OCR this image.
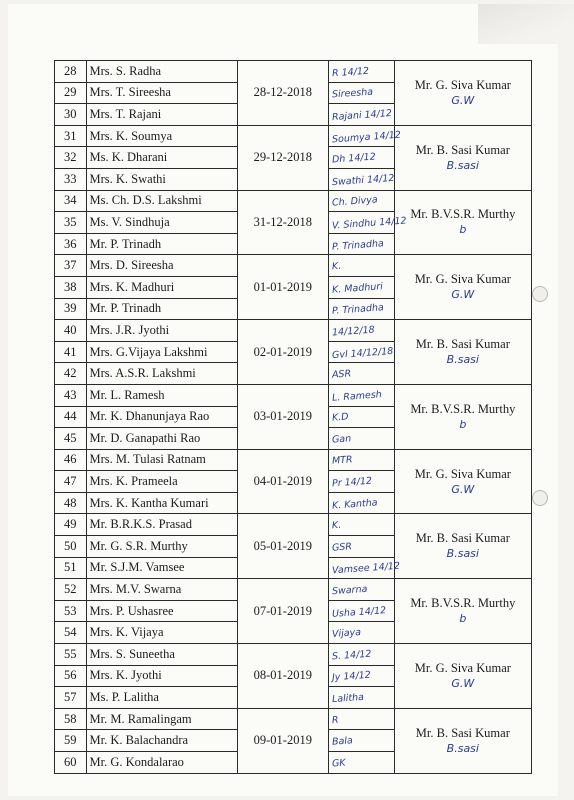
28	Mrs. S. Radha	28-12-2018	R 14/12	Mr. G. Siva Kumar
G.W

29	Mrs. T. Sireesha		Sireesha	
30	Mrs. T. Rajani		Rajani 14/12	
31	Mrs. K. Soumya	29-12-2018	Soumya 14/12	Mr. B. Sasi Kumar
B.sasi

32	Ms. K. Dharani		Dh 14/12	
33	Mrs. K. Swathi		Swathi 14/12	
34	Ms. Ch. D.S. Lakshmi	31-12-2018	Ch. Divya	Mr. B.V.S.R. Murthy
b

35	Ms. V. Sindhuja		V. Sindhu 14/12	
36	Mr. P. Trinadh		P. Trinadha	
37	Mrs. D. Sireesha	01-01-2019	K.	Mr. G. Siva Kumar
G.W

38	Mrs. K. Madhuri		K. Madhuri	
39	Mr. P. Trinadh		P. Trinadha	
40	Mrs. J.R. Jyothi	02-01-2019	14/12/18	Mr. B. Sasi Kumar
B.sasi

41	Mrs. G.Vijaya Lakshmi		Gvl 14/12/18	
42	Mrs. A.S.R. Lakshmi		ASR	
43	Mr. L. Ramesh	03-01-2019	L. Ramesh	Mr. B.V.S.R. Murthy
b

44	Mr. K. Dhanunjaya Rao		K.D	
45	Mr. D. Ganapathi Rao		Gan	
46	Mrs. M. Tulasi Ratnam	04-01-2019	MTR	Mr. G. Siva Kumar
G.W

47	Mrs. K. Prameela		Pr 14/12	
48	Mrs. K. Kantha Kumari		K. Kantha	
49	Mr. B.R.K.S. Prasad	05-01-2019	K.	Mr. B. Sasi Kumar
B.sasi

50	Mr. G. S.R. Murthy		GSR	
51	Mr. S.J.M. Vamsee		Vamsee 14/12	
52	Mrs. M.V. Swarna	07-01-2019	Swarna	Mr. B.V.S.R. Murthy
b

53	Mrs. P. Ushasree		Usha 14/12	
54	Mrs. K. Vijaya		Vijaya	
55	Mrs. S. Suneetha	08-01-2019	S. 14/12	Mr. G. Siva Kumar
G.W

56	Mrs. K. Jyothi		Jy 14/12	
57	Ms. P. Lalitha		Lalitha	
58	Mr. M. Ramalingam	09-01-2019	R	Mr. B. Sasi Kumar
B.sasi

59	Mr. K. Balachandra		Bala	
60	Mr. G. Kondalarao		GK	
